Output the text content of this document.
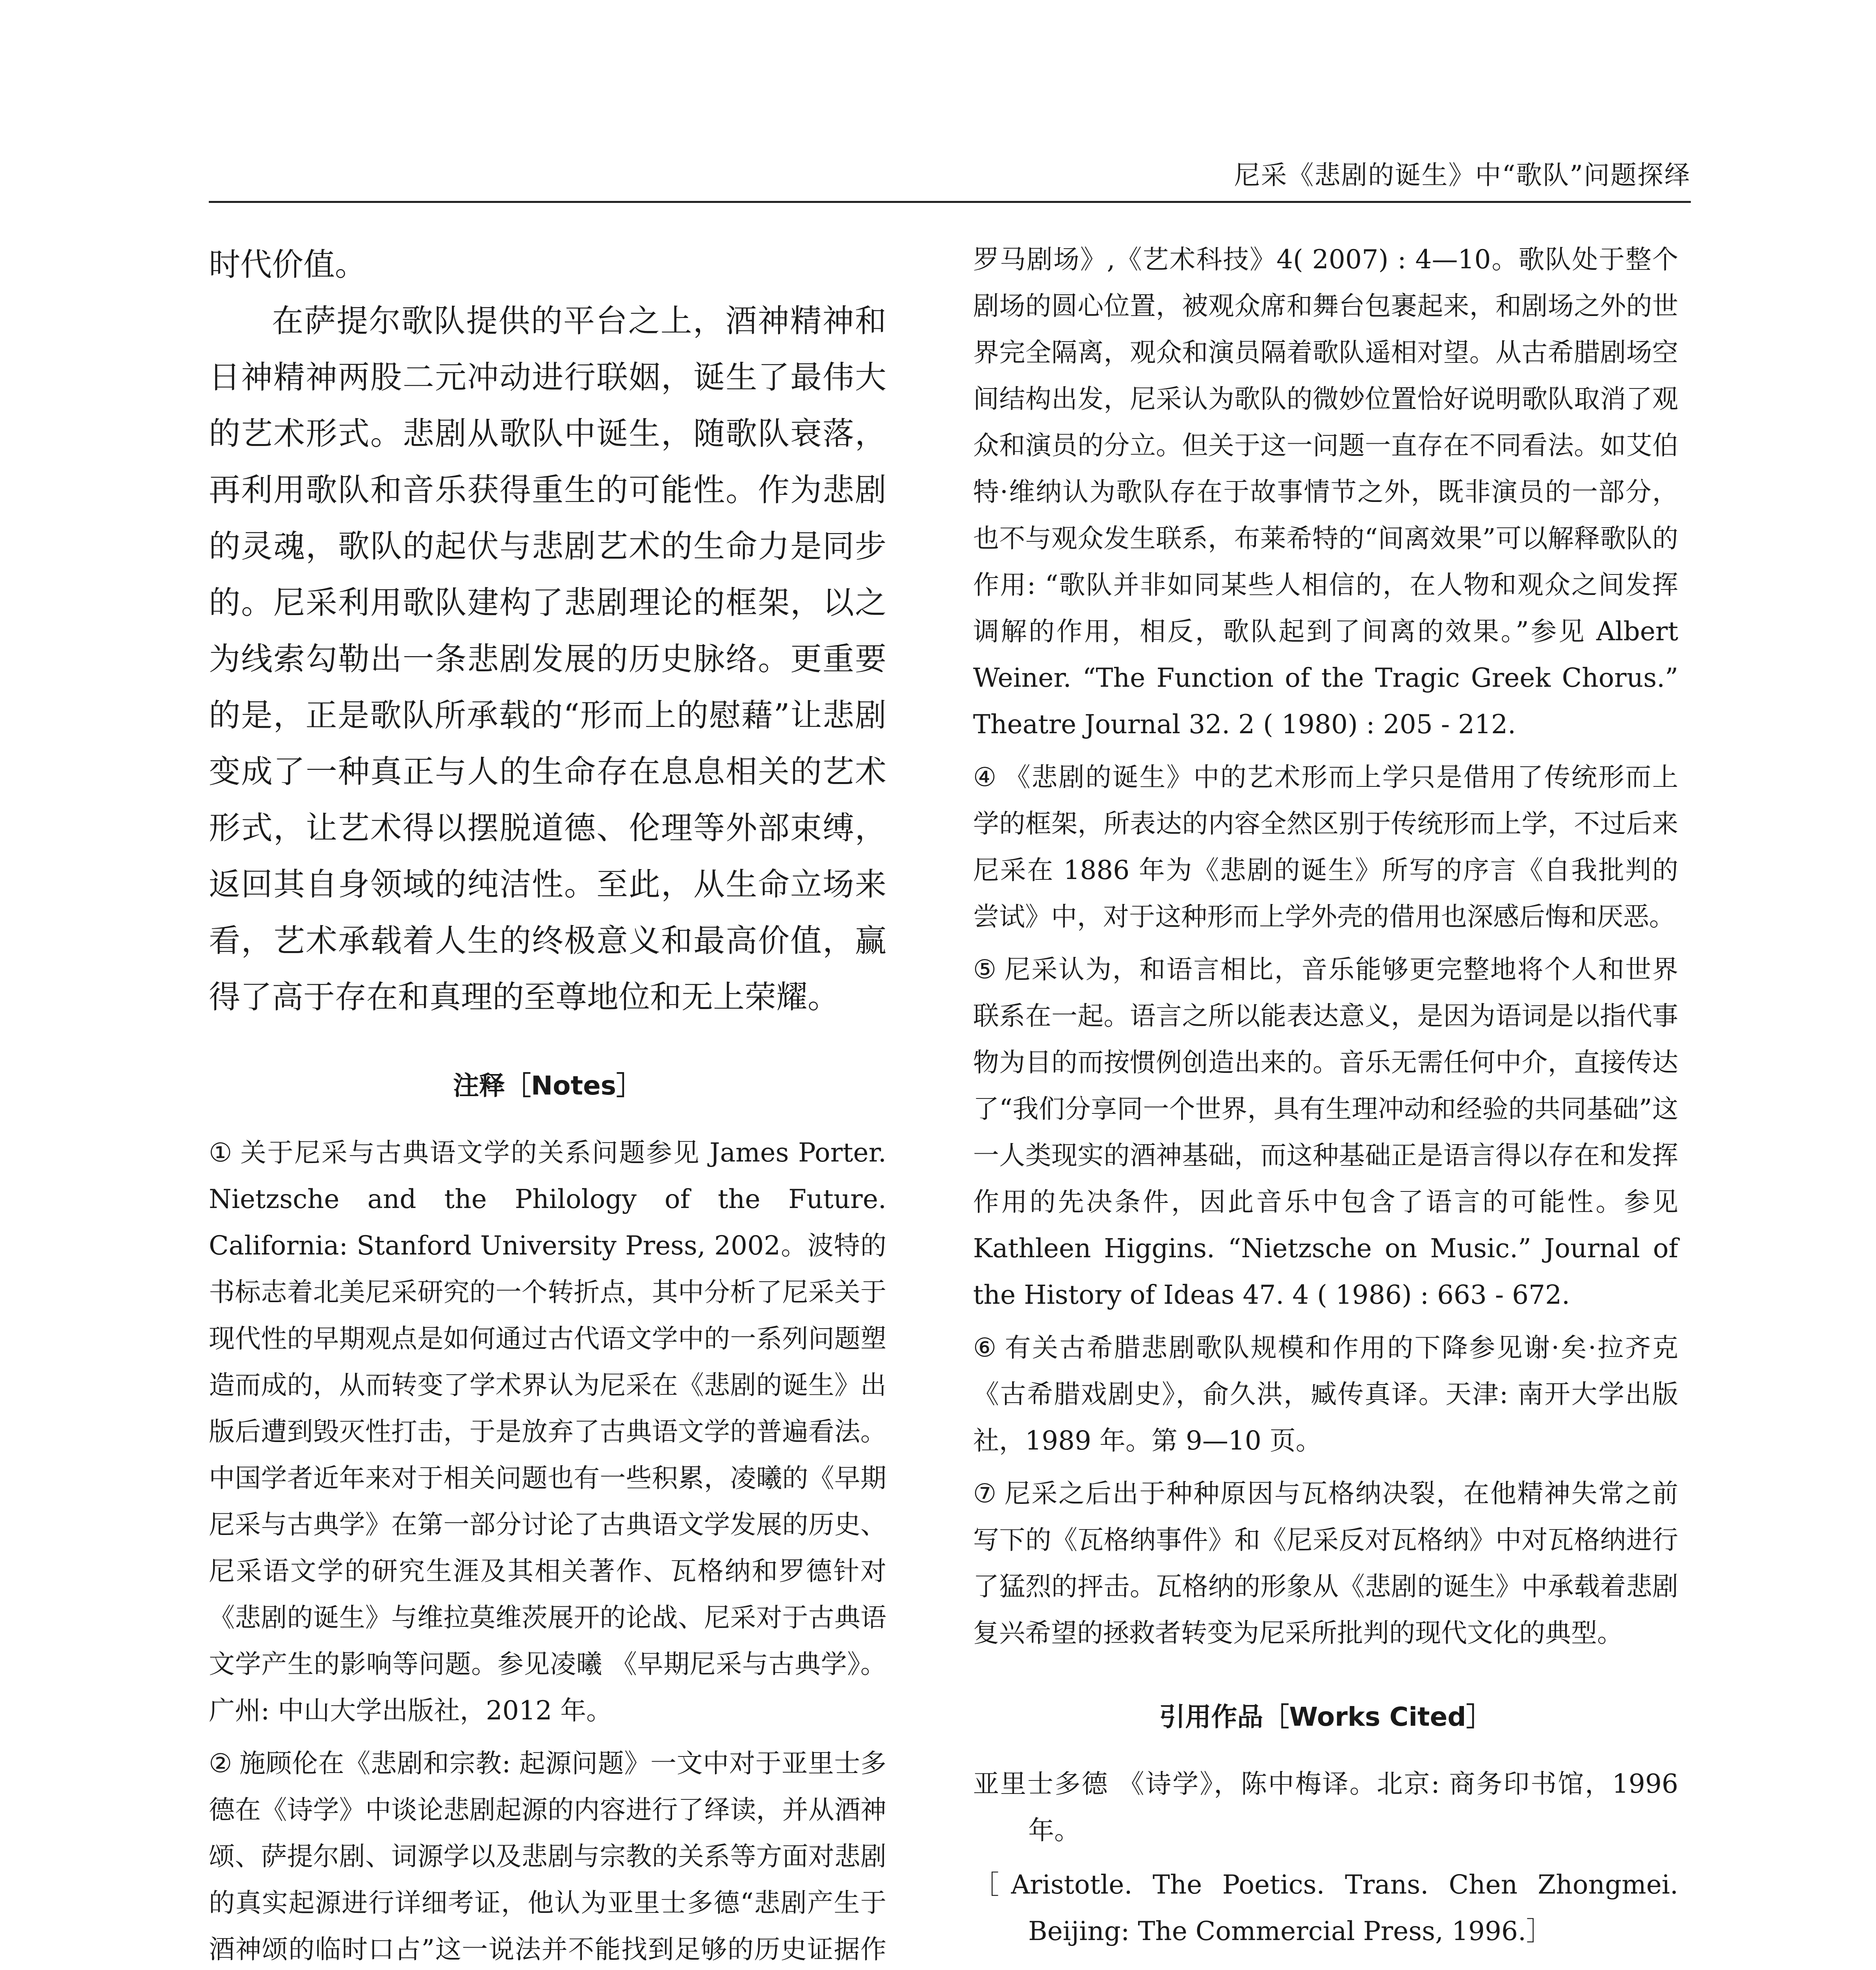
尼采《悲剧的诞生》中“歌队”问题探绎

时代价值。

在萨提尔歌队提供的平台之上，酒神精神和日神精神两股二元冲动进行联姻，诞生了最伟大的艺术形式。悲剧从歌队中诞生，随歌队衰落，再利用歌队和音乐获得重生的可能性。作为悲剧的灵魂，歌队的起伏与悲剧艺术的生命力是同步的。尼采利用歌队建构了悲剧理论的框架，以之为线索勾勒出一条悲剧发展的历史脉络。更重要的是，正是歌队所承载的“形而上的慰藉”让悲剧变成了一种真正与人的生命存在息息相关的艺术形式，让艺术得以摆脱道德、伦理等外部束缚，返回其自身领域的纯洁性。至此，从生命立场来看，艺术承载着人生的终极意义和最高价值，赢得了高于存在和真理的至尊地位和无上荣耀。

注释［Notes］

① 关于尼采与古典语文学的关系问题参见 James Porter. Nietzsche and the Philology of the Future. California: Stanford University Press, 2002。波特的书标志着北美尼采研究的一个转折点，其中分析了尼采关于现代性的早期观点是如何通过古代语文学中的一系列问题塑造而成的，从而转变了学术界认为尼采在《悲剧的诞生》出版后遭到毁灭性打击，于是放弃了古典语文学的普遍看法。中国学者近年来对于相关问题也有一些积累，凌曦的《早期尼采与古典学》在第一部分讨论了古典语文学发展的历史、尼采语文学的研究生涯及其相关著作、瓦格纳和罗德针对《悲剧的诞生》与维拉莫维茨展开的论战、尼采对于古典语文学产生的影响等问题。参见凌曦 《早期尼采与古典学》。广州: 中山大学出版社，2012 年。

② 施顾伦在《悲剧和宗教: 起源问题》一文中对于亚里士多德在《诗学》中谈论悲剧起源的内容进行了绎读，并从酒神颂、萨提尔剧、词源学以及悲剧与宗教的关系等方面对悲剧的真实起源进行详细考证，他认为亚里士多德“悲剧产生于酒神颂的临时口占”这一说法并不能找到足够的历史证据作

罗马剧场》,《艺术科技》4( 2007) : 4—10。歌队处于整个剧场的圆心位置，被观众席和舞台包裹起来，和剧场之外的世界完全隔离，观众和演员隔着歌队遥相对望。从古希腊剧场空间结构出发，尼采认为歌队的微妙位置恰好说明歌队取消了观众和演员的分立。但关于这一问题一直存在不同看法。如艾伯特·维纳认为歌队存在于故事情节之外，既非演员的一部分，也不与观众发生联系，布莱希特的“间离效果”可以解释歌队的作用: “歌队并非如同某些人相信的，在人物和观众之间发挥调解的作用，相反，歌队起到了间离的效果。”参见 Albert Weiner. “The Function of the Tragic Greek Chorus.” Theatre Journal 32. 2 ( 1980) : 205 - 212.

④ 《悲剧的诞生》中的艺术形而上学只是借用了传统形而上学的框架，所表达的内容全然区别于传统形而上学，不过后来尼采在 1886 年为《悲剧的诞生》所写的序言《自我批判的尝试》中，对于这种形而上学外壳的借用也深感后悔和厌恶。

⑤ 尼采认为，和语言相比，音乐能够更完整地将个人和世界联系在一起。语言之所以能表达意义，是因为语词是以指代事物为目的而按惯例创造出来的。音乐无需任何中介，直接传达了“我们分享同一个世界，具有生理冲动和经验的共同基础”这一人类现实的酒神基础，而这种基础正是语言得以存在和发挥作用的先决条件，因此音乐中包含了语言的可能性。参见 Kathleen Higgins. “Nietzsche on Music.” Journal of the History of Ideas 47. 4 ( 1986) : 663 - 672.

⑥ 有关古希腊悲剧歌队规模和作用的下降参见谢·矣·拉齐克 《古希腊戏剧史》，俞久洪，臧传真译。天津: 南开大学出版社，1989 年。第 9—10 页。

⑦ 尼采之后出于种种原因与瓦格纳决裂，在他精神失常之前写下的《瓦格纳事件》和《尼采反对瓦格纳》中对瓦格纳进行了猛烈的抨击。瓦格纳的形象从《悲剧的诞生》中承载着悲剧复兴希望的拯救者转变为尼采所批判的现代文化的典型。

引用作品［Works Cited］

亚里士多德 《诗学》，陈中梅译。北京: 商务印书馆，1996 年。

［Aristotle. The Poetics. Trans. Chen Zhongmei. Beijing: The Commercial Press, 1996.］
